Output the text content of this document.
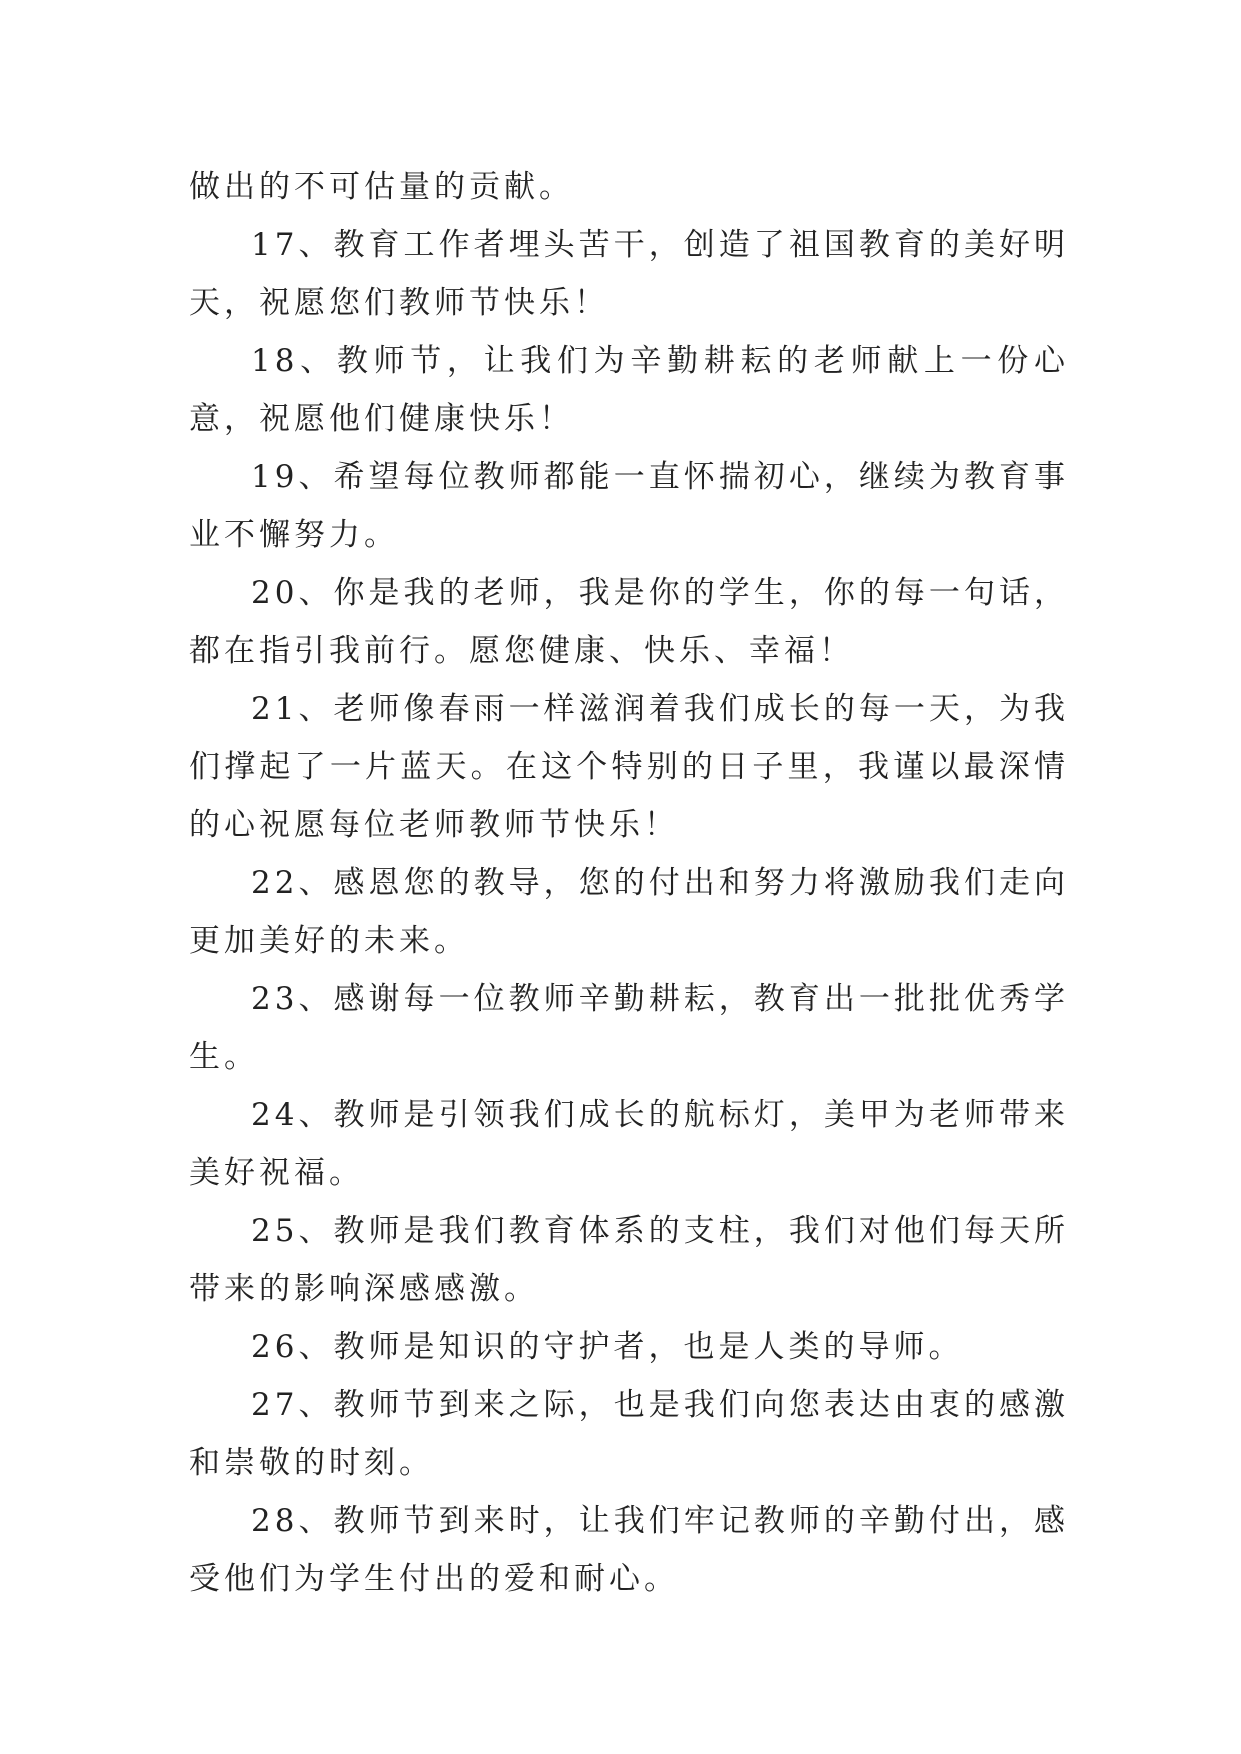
做出的不可估量的贡献。

17、教育工作者埋头苦干，创造了祖国教育的美好明天，祝愿您们教师节快乐！

18、教师节，让我们为辛勤耕耘的老师献上一份心意，祝愿他们健康快乐！

19、希望每位教师都能一直怀揣初心，继续为教育事业不懈努力。

20、你是我的老师，我是你的学生，你的每一句话，都在指引我前行。愿您健康、快乐、幸福！

21、老师像春雨一样滋润着我们成长的每一天，为我们撑起了一片蓝天。在这个特别的日子里，我谨以最深情的心祝愿每位老师教师节快乐！

22、感恩您的教导，您的付出和努力将激励我们走向更加美好的未来。

23、感谢每一位教师辛勤耕耘，教育出一批批优秀学生。

24、教师是引领我们成长的航标灯，美甲为老师带来美好祝福。

25、教师是我们教育体系的支柱，我们对他们每天所带来的影响深感感激。

26、教师是知识的守护者，也是人类的导师。

27、教师节到来之际，也是我们向您表达由衷的感激和崇敬的时刻。

28、教师节到来时，让我们牢记教师的辛勤付出，感受他们为学生付出的爱和耐心。
